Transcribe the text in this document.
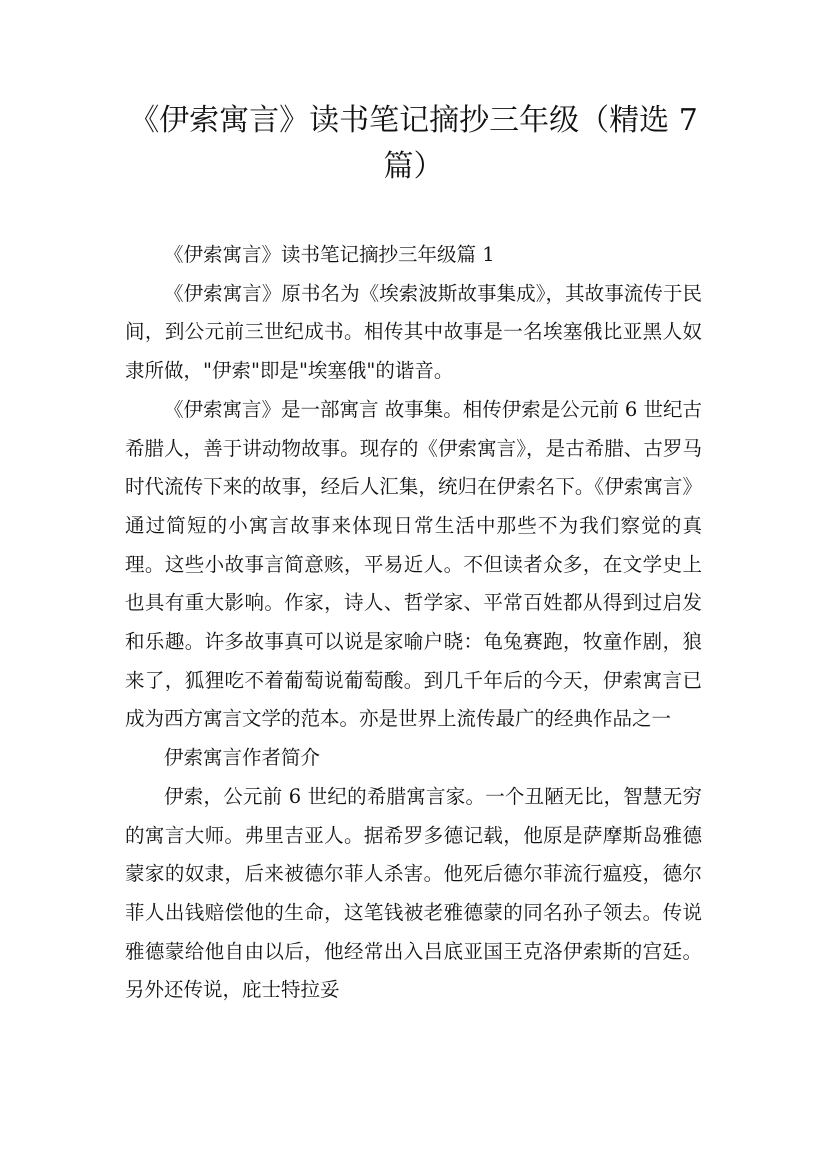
《伊索寓言》读书笔记摘抄三年级（精选 7 篇）

《伊索寓言》读书笔记摘抄三年级篇 1

《伊索寓言》原书名为《埃索波斯故事集成》，其故事流传于民间，到公元前三世纪成书。相传其中故事是一名埃塞俄比亚黑人奴隶所做，"伊索"即是"埃塞俄"的谐音。

《伊索寓言》是一部寓言 故事集。相传伊索是公元前 6 世纪古希腊人，善于讲动物故事。现存的《伊索寓言》，是古希腊、古罗马时代流传下来的故事，经后人汇集，统归在伊索名下。《伊索寓言》通过简短的小寓言故事来体现日常生活中那些不为我们察觉的真理。这些小故事言简意赅，平易近人。不但读者众多，在文学史上也具有重大影响。作家，诗人、哲学家、平常百姓都从得到过启发和乐趣。许多故事真可以说是家喻户晓：龟兔赛跑，牧童作剧，狼来了，狐狸吃不着葡萄说葡萄酸。到几千年后的今天，伊索寓言已成为西方寓言文学的范本。亦是世界上流传最广的经典作品之一

伊索寓言作者简介

伊索，公元前 6 世纪的希腊寓言家。一个丑陋无比，智慧无穷的寓言大师。弗里吉亚人。据希罗多德记载，他原是萨摩斯岛雅德蒙家的奴隶，后来被德尔菲人杀害。他死后德尔菲流行瘟疫，德尔菲人出钱赔偿他的生命，这笔钱被老雅德蒙的同名孙子领去。传说雅德蒙给他自由以后，他经常出入吕底亚国王克洛伊索斯的宫廷。另外还传说，庇士特拉妥
